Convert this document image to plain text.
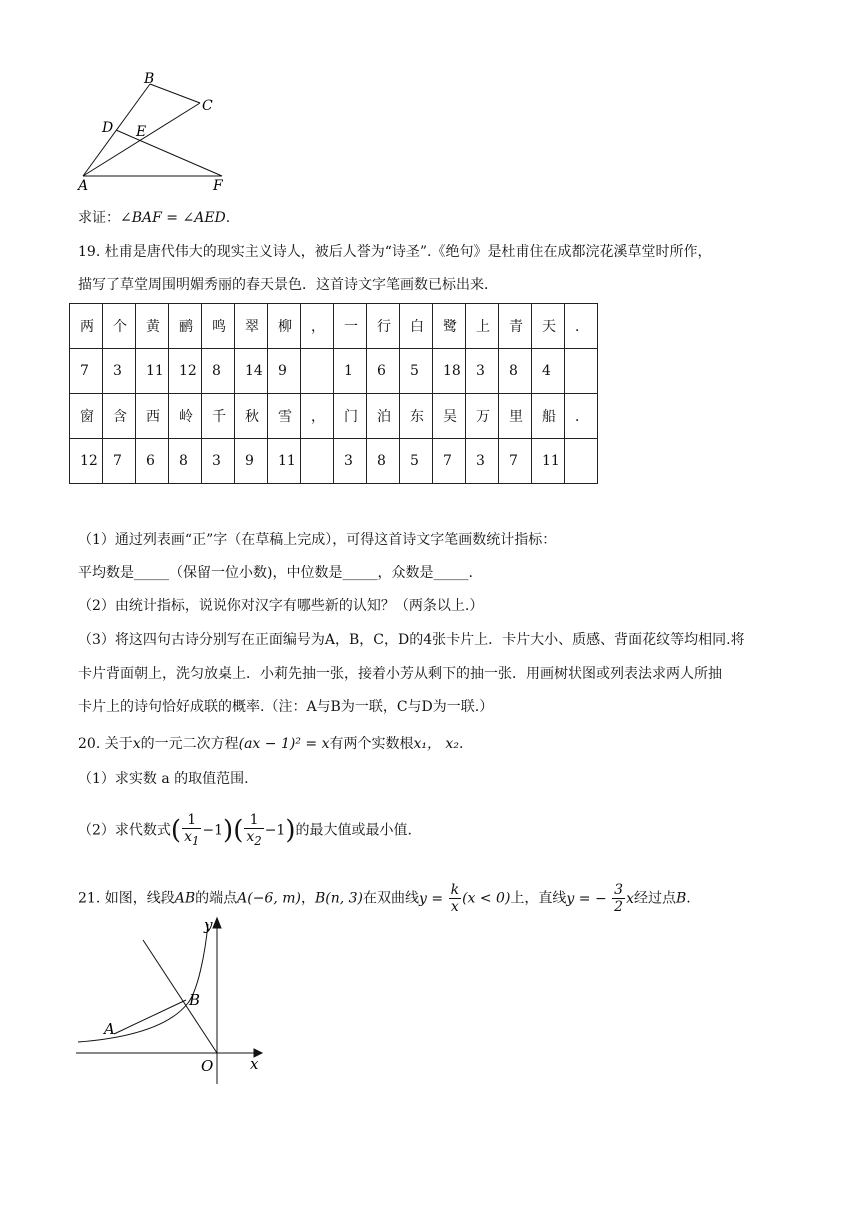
B
C
D E
A	F
求证：∠BAF = ∠AED.
19. 杜甫是唐代伟大的现实主义诗人，被后人誉为“诗圣”.《绝句》是杜甫住在成都浣花溪草堂时所作，
描写了草堂周围明媚秀丽的春天景色．这首诗文字笔画数已标出来．
两	个	黄	鹂	鸣	翠	柳	，	一	行	白	鹭	上	青	天	．
7	3	11	12	8	14	9		1	6	5	18	3	8	4	
窗	含	西	岭	千	秋	雪	，	门	泊	东	吴	万	里	船	．
12	7	6	8	3	9	11		3	8	5	7	3	7	11	
（1）通过列表画“正”字（在草稿上完成），可得这首诗文字笔画数统计指标：
平均数是_____（保留一位小数)，中位数是_____，众数是_____.
（2）由统计指标，说说你对汉字有哪些新的认知？（两条以上.）
（3）将这四句古诗分别写在正面编号为A，B，C，D的4张卡片上．卡片大小、质感、背面花纹等均相同.将
卡片背面朝上，洗匀放桌上．小莉先抽一张，接着小芳从剩下的抽一张．用画树状图或列表法求两人所抽
卡片上的诗句恰好成联的概率.（注：A与B为一联，C与D为一联.）
20. 关于x的一元二次方程(ax − 1)² = x有两个实数根x₁， x₂.
（1）求实数 a 的取值范围.
（2）求代数式( $\frac{1}{x_1} -1)( \frac{1}{x_2} -1)$的最大值或最小值.
21. 如图，线段AB的端点A(−6, m)，B(n, 3)在双曲线$y = \frac{k}{x} (x < 0)$上，直线y = − $\frac{3}{2}$ x经过点B.
y
x
O
A
B
